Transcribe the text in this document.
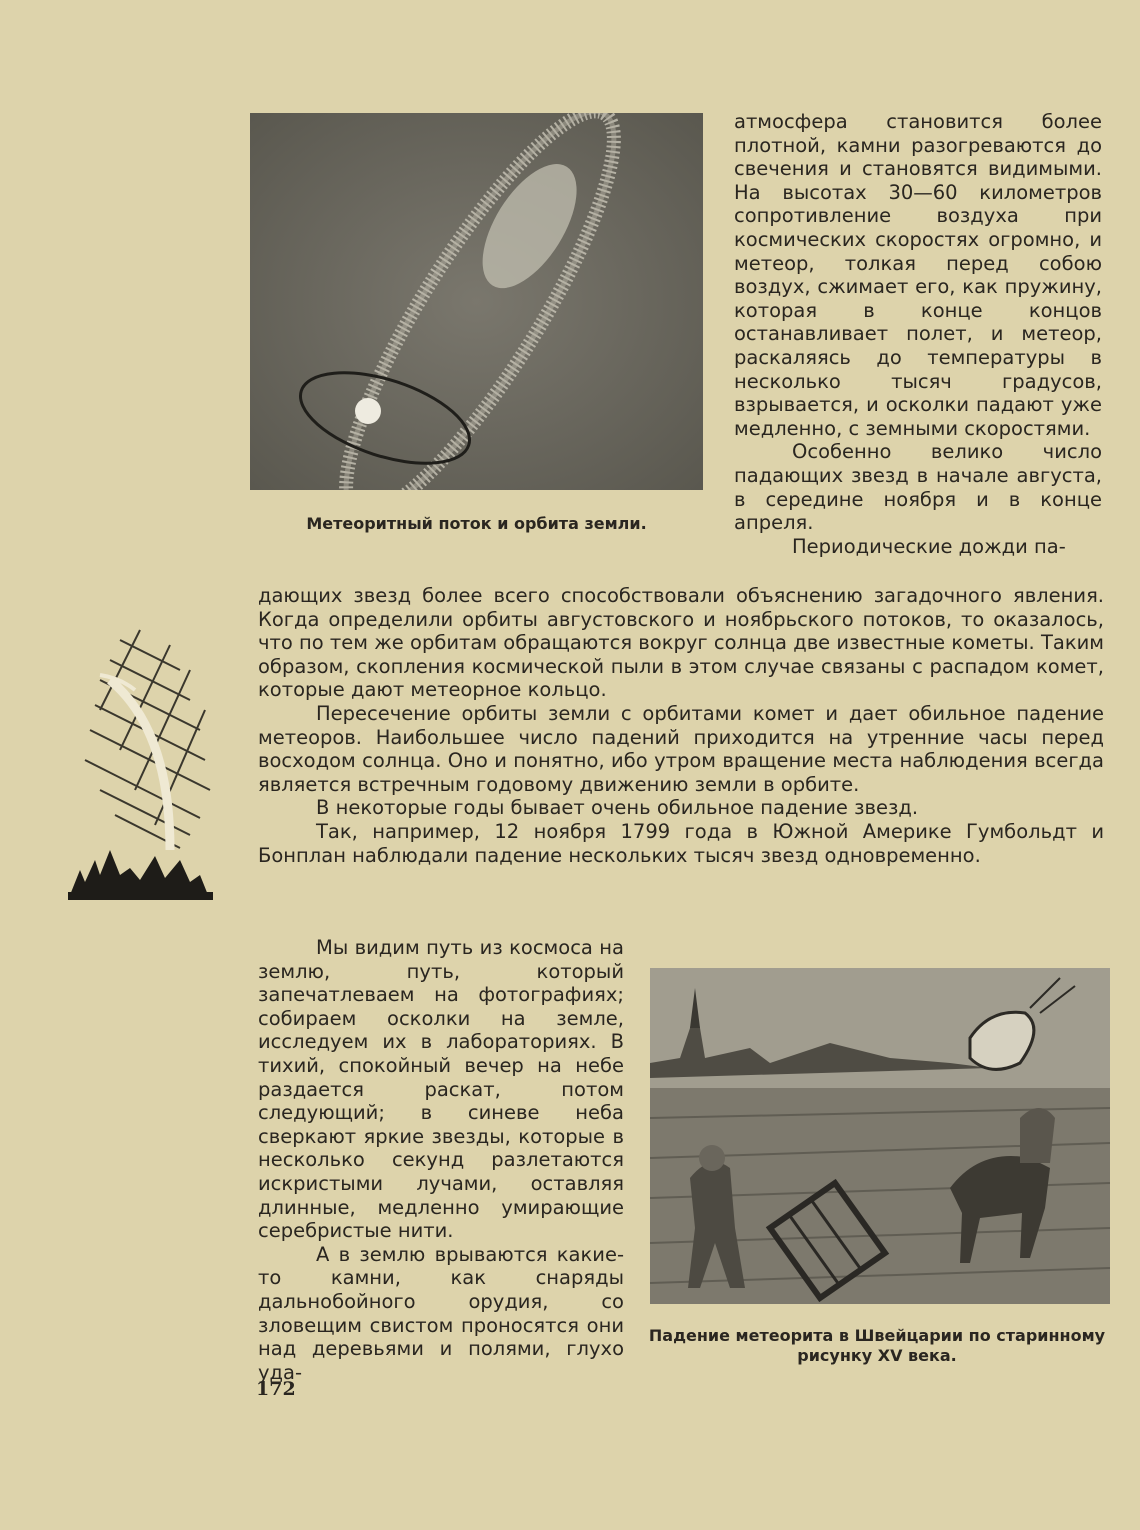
Метеоритный поток и орбита земли.

атмосфера становится более плотной, камни разогреваются до свечения и становятся видимыми. На высотах 30—60 километров сопротивление воздуха при космических скоростях огромно, и метеор, толкая перед собою воздух, сжимает его, как пружину, которая в конце концов останавливает полет, и метеор, раскаляясь до температуры в несколько тысяч градусов, взрывается, и осколки падают уже медленно, с земными скоростями.

Особенно велико число падающих звезд в начале августа, в середине ноября и в конце апреля.

Периодические дожди па-

дающих звезд более всего способствовали объяснению загадочного явления. Когда определили орбиты августовского и ноябрьского потоков, то оказалось, что по тем же орбитам обращаются вокруг солнца две известные кометы. Таким образом, скопления космической пыли в этом случае связаны с распадом комет, которые дают метеорное кольцо.

Пересечение орбиты земли с орбитами комет и дает обильное падение метеоров. Наибольшее число падений приходится на утренние часы перед восходом солнца. Оно и понятно, ибо утром вращение места наблюдения всегда является встречным годовому движению земли в орбите.

В некоторые годы бывает очень обильное падение звезд.

Так, например, 12 ноября 1799 года в Южной Америке Гумбольдт и Бонплан наблюдали падение нескольких тысяч звезд одновременно.

Мы видим путь из космоса на землю, путь, который запечатлеваем на фотографиях; собираем осколки на земле, исследуем их в лабораториях. В тихий, спокойный вечер на небе раздается раскат, потом следующий; в синеве неба сверкают яркие звезды, которые в несколько секунд разлетаются искристыми лучами, оставляя длинные, медленно умирающие серебристые нити.

А в землю врываются какие-то камни, как снаряды дальнобойного орудия, со зловещим свистом проносятся они над деревьями и полями, глухо уда-

Падение метеорита в Швейцарии по старинному рисунку XV века.
172
